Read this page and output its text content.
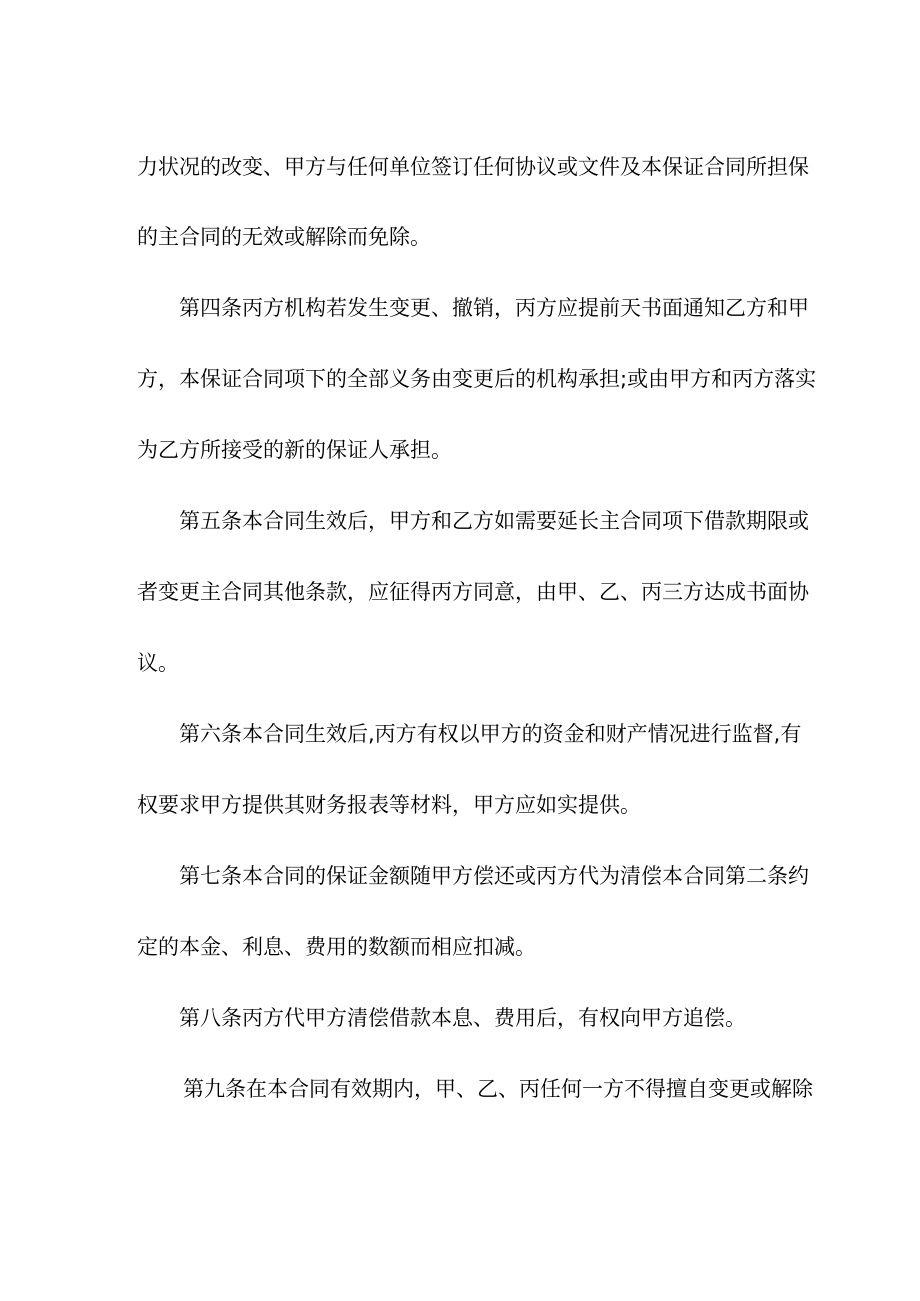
力状况的改变、甲方与任何单位签订任何协议或文件及本保证合同所担保
的主合同的无效或解除而免除。
第四条丙方机构若发生变更、撤销，丙方应提前天书面通知乙方和甲
方，本保证合同项下的全部义务由变更后的机构承担;或由甲方和丙方落实
为乙方所接受的新的保证人承担。
第五条本合同生效后，甲方和乙方如需要延长主合同项下借款期限或
者变更主合同其他条款，应征得丙方同意，由甲、乙、丙三方达成书面协
议。
第六条本合同生效后,丙方有权以甲方的资金和财产情况进行监督,有
权要求甲方提供其财务报表等材料，甲方应如实提供。
第七条本合同的保证金额随甲方偿还或丙方代为清偿本合同第二条约
定的本金、利息、费用的数额而相应扣减。
第八条丙方代甲方清偿借款本息、费用后，有权向甲方追偿。
第九条在本合同有效期内，甲、乙、丙任何一方不得擅自变更或解除
